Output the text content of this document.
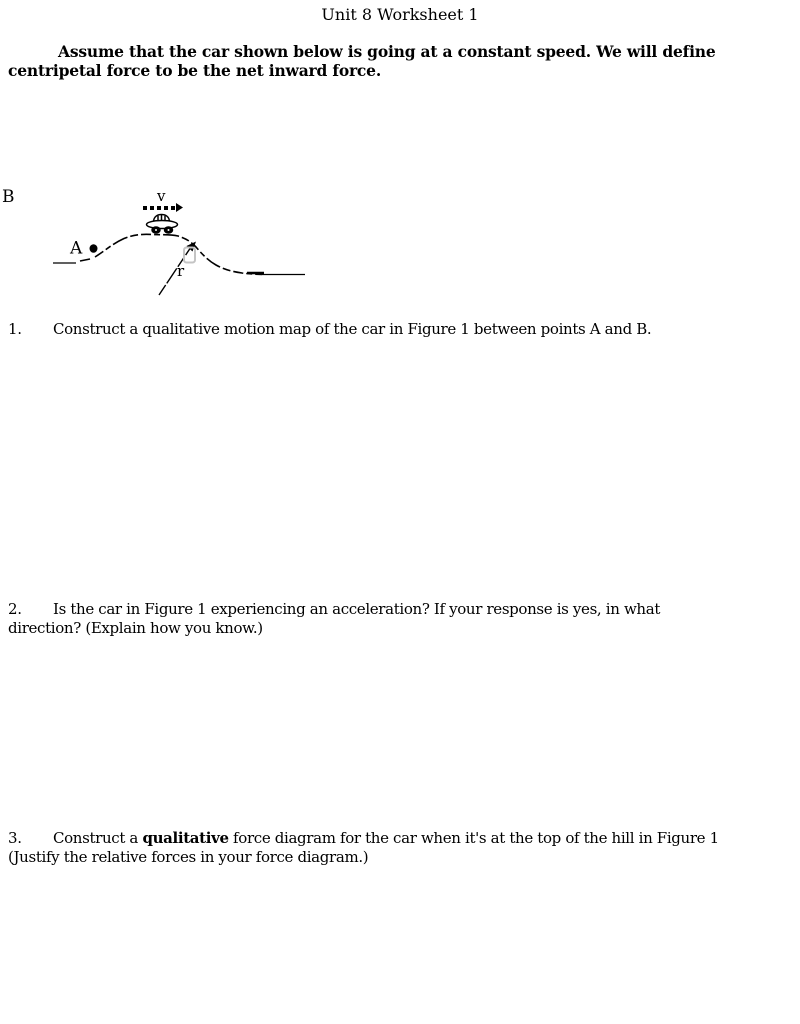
Unit 8 Worksheet 1
Assume that the car shown below is going at a constant speed. We will define
centripetal force to be the net inward force.
B	v
A
r
1. Construct a qualitative motion map of the car in Figure 1 between points A and B.
2. Is the car in Figure 1 experiencing an acceleration? If your response is yes, in what
direction? (Explain how you know.)
3. Construct a qualitative force diagram for the car when it's at the top of the hill in Figure 1
(Justify the relative forces in your force diagram.)
